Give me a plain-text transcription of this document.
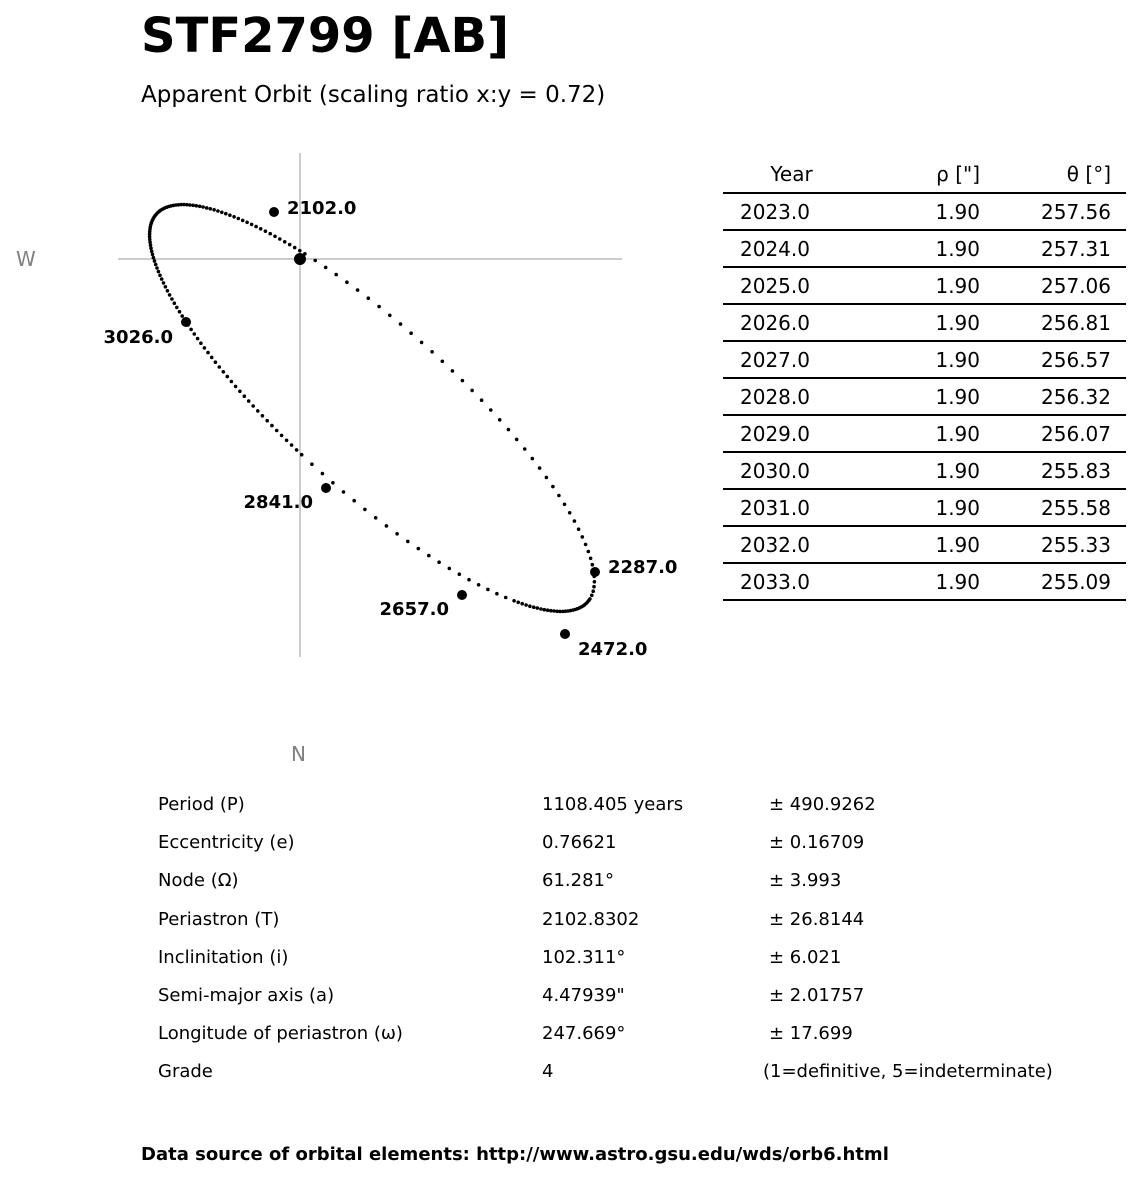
STF2799 [AB]
Apparent Orbit (scaling ratio x:y = 0.72)
W
N
2102.0
2287.0
2472.0
2657.0
2841.0
3026.0
Year	ρ ["]	θ [°]
2023.0	1.90	257.56
2024.0	1.90	257.31
2025.0	1.90	257.06
2026.0	1.90	256.81
2027.0	1.90	256.57
2028.0	1.90	256.32
2029.0	1.90	256.07
2030.0	1.90	255.83
2031.0	1.90	255.58
2032.0	1.90	255.33
2033.0	1.90	255.09
Period (P)	1108.405 years	± 490.9262
Eccentricity (e)	0.76621	± 0.16709
Node (Ω)	61.281°	± 3.993
Periastron (T)	2102.8302	± 26.8144
Inclinitation (i)	102.311°	± 6.021
Semi-major axis (a)	4.47939"	± 2.01757
Longitude of periastron (ω)	247.669°	± 17.699
Grade	4	(1=definitive, 5=indeterminate)
Data source of orbital elements: http://www.astro.gsu.edu/wds/orb6.html
